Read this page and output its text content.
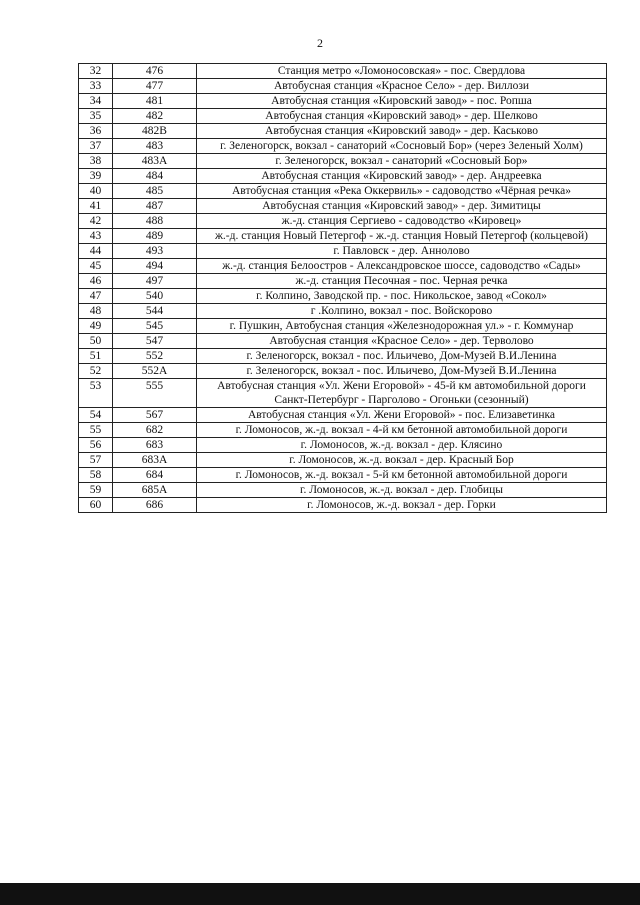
2
32	476	Станция метро «Ломоносовская» - пос. Свердлова
33	477	Автобусная станция «Красное Село» - дер. Виллози
34	481	Автобусная станция «Кировский завод» - пос. Ропша
35	482	Автобусная станция «Кировский завод» - дер. Шелково
36	482В	Автобусная станция «Кировский завод» - дер. Каськово
37	483	г. Зеленогорск, вокзал - санаторий «Сосновый Бор» (через Зеленый Холм)
38	483А	г. Зеленогорск, вокзал - санаторий «Сосновый Бор»
39	484	Автобусная станция «Кировский завод» - дер. Андреевка
40	485	Автобусная станция «Река Оккервиль» - садоводство «Чёрная речка»
41	487	Автобусная станция «Кировский завод» - дер. Зимитицы
42	488	ж.-д. станция Сергиево - садоводство «Кировец»
43	489	ж.-д. станция Новый Петергоф - ж.-д. станция Новый Петергоф (кольцевой)
44	493	г. Павловск - дер. Аннолово
45	494	ж.-д. станция Белоостров - Александровское шоссе, садоводство «Сады»
46	497	ж.-д. станция Песочная - пос. Черная речка
47	540	г. Колпино, Заводской пр. - пос. Никольское, завод «Сокол»
48	544	г .Колпино, вокзал - пос. Войскорово
49	545	г. Пушкин, Автобусная станция «Железнодорожная ул.» - г. Коммунар
50	547	Автобусная станция «Красное Село» - дер. Терволово
51	552	г. Зеленогорск, вокзал - пос. Ильичево, Дом-Музей В.И.Ленина
52	552А	г. Зеленогорск, вокзал - пос. Ильичево, Дом-Музей В.И.Ленина
53	555	Автобусная станция «Ул. Жени Егоровой» - 45-й км автомобильной дороги Санкт-Петербург - Парголово - Огоньки (сезонный)
54	567	Автобусная станция «Ул. Жени Егоровой» - пос. Елизаветинка
55	682	г. Ломоносов, ж.-д. вокзал - 4-й км бетонной автомобильной дороги
56	683	г. Ломоносов, ж.-д. вокзал - дер. Клясино
57	683А	г. Ломоносов, ж.-д. вокзал - дер. Красный Бор
58	684	г. Ломоносов, ж.-д. вокзал - 5-й км бетонной автомобильной дороги
59	685А	г. Ломоносов, ж.-д. вокзал - дер. Глобицы
60	686	г. Ломоносов, ж.-д. вокзал - дер. Горки
